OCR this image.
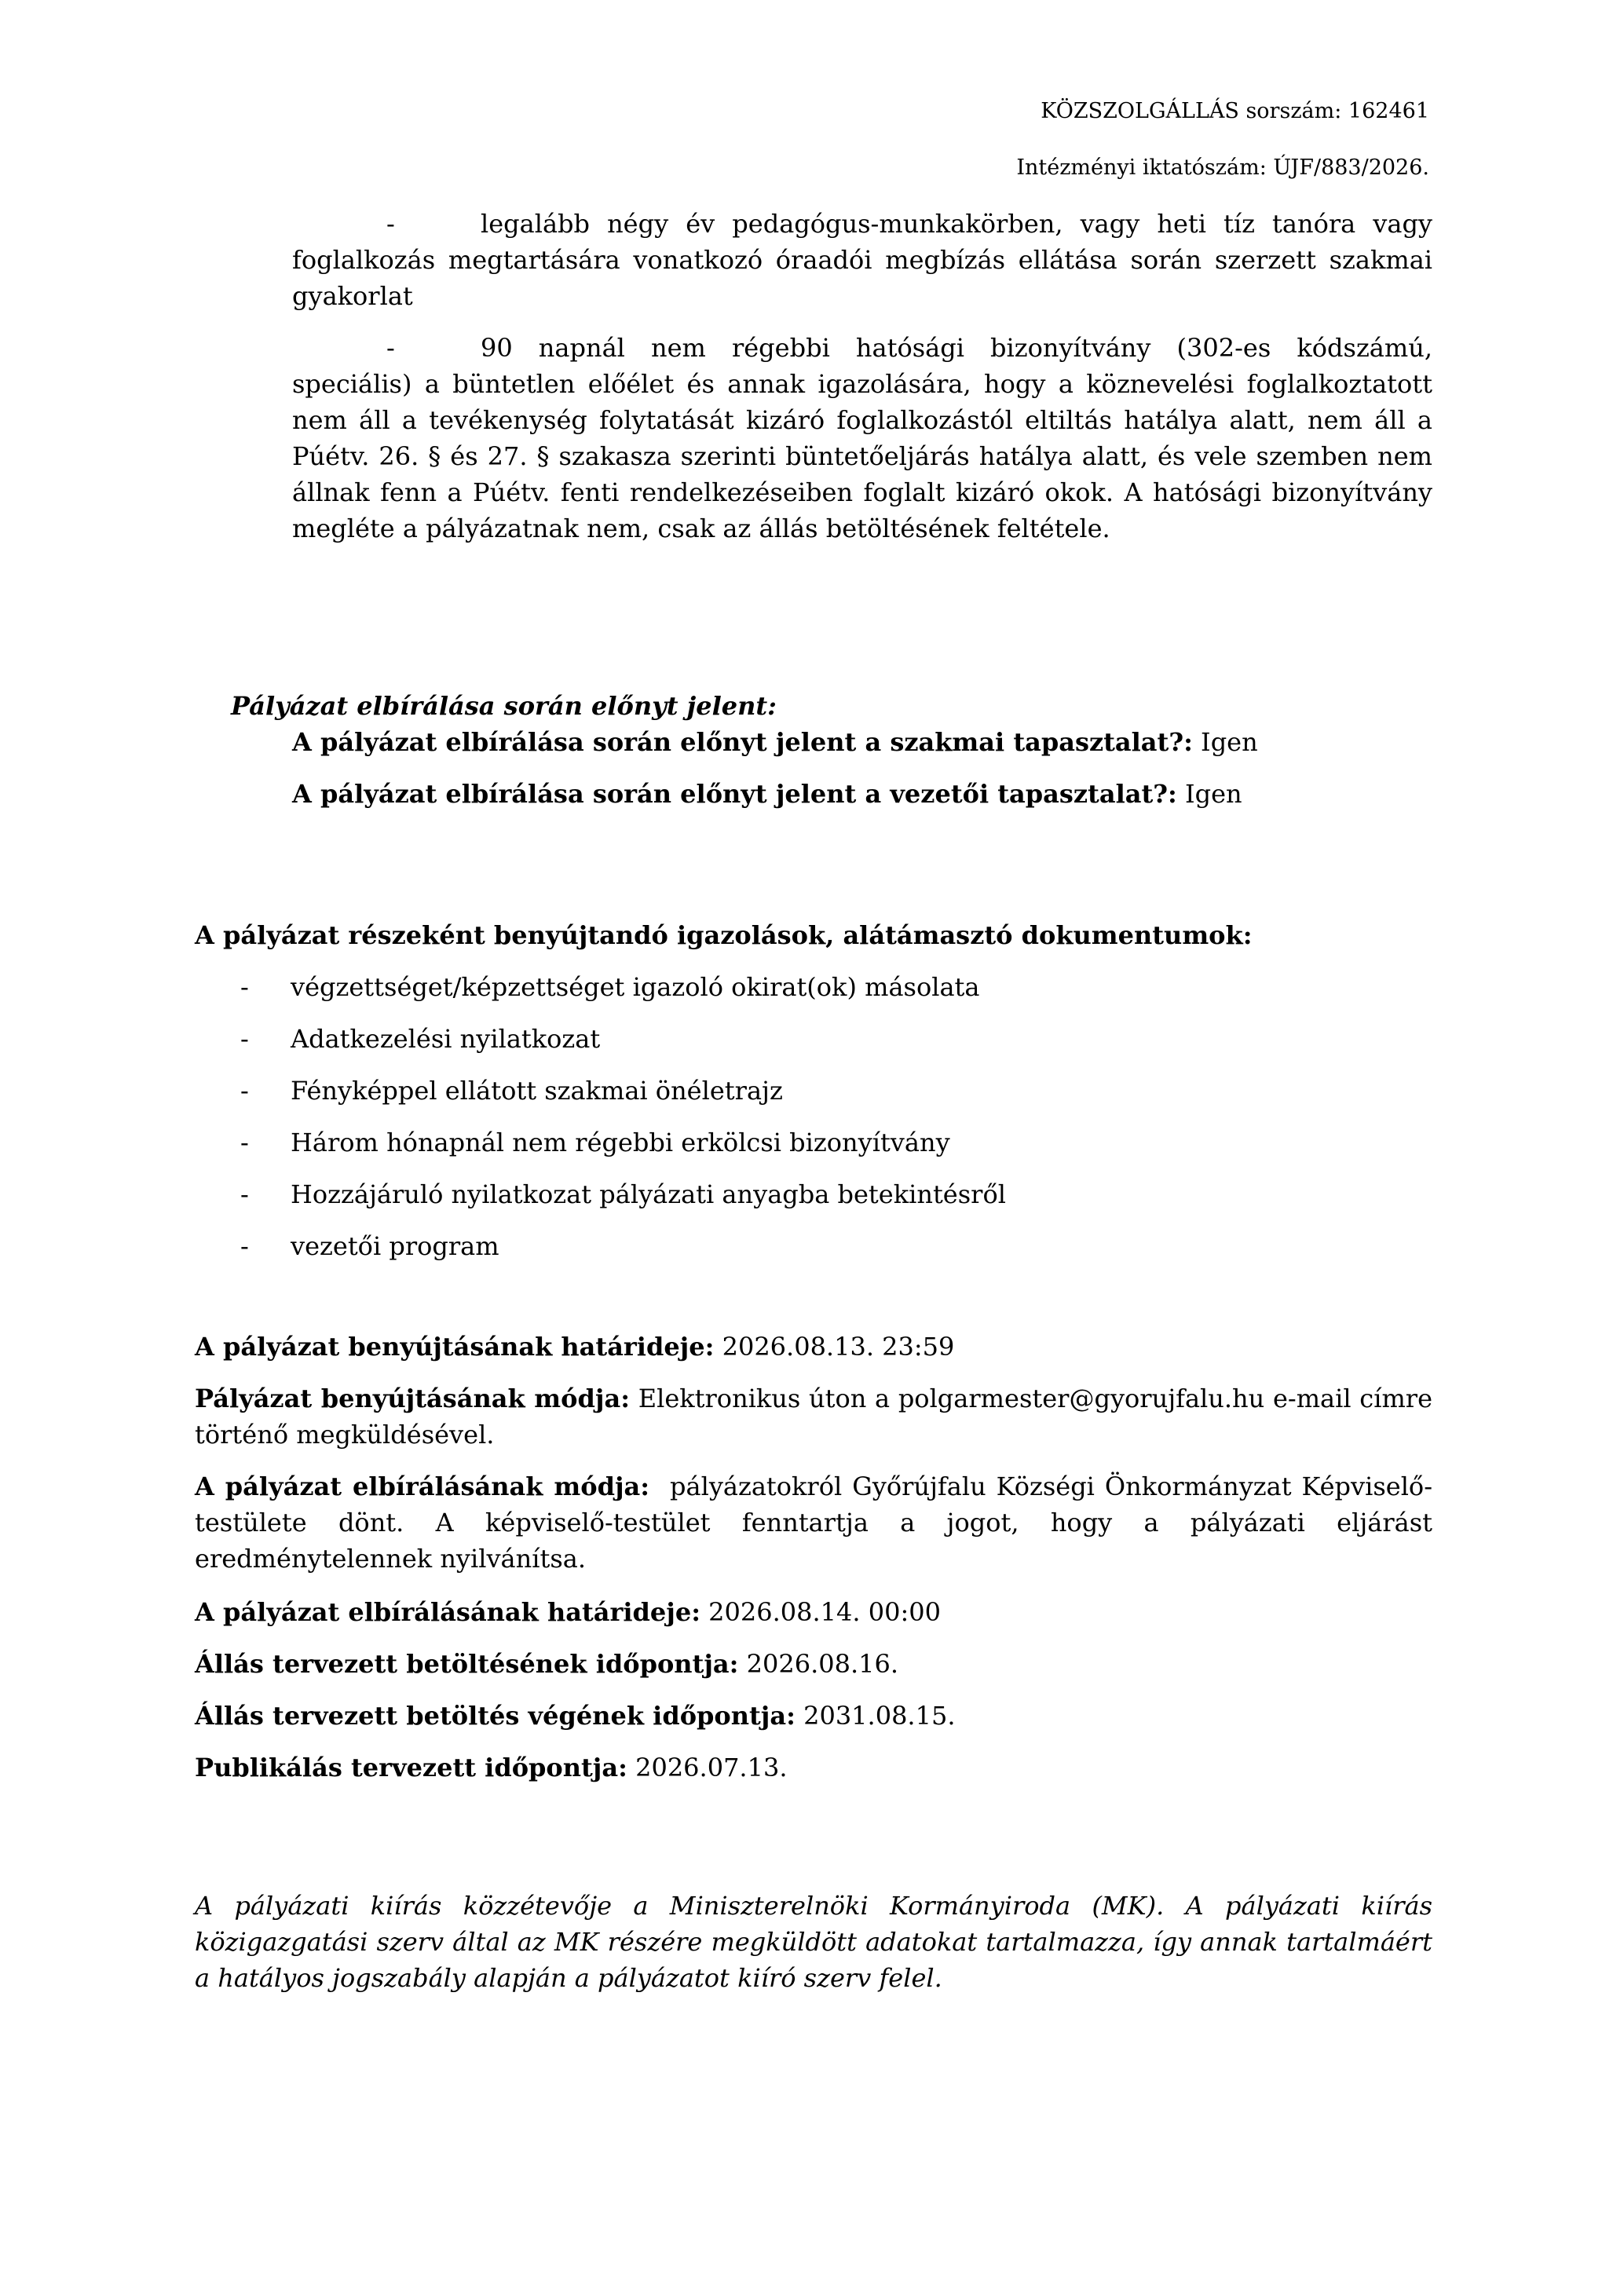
KÖZSZOLGÁLLÁS sorszám: 162461
Intézményi iktatószám: ÚJF/883/2026.
-	legalább négy év pedagógus-munkakörben, vagy heti tíz tanóra vagy foglalkozás megtartására vonatkozó óraadói megbízás ellátása során szerzett szakmai gyakorlat
-	90 napnál nem régebbi hatósági bizonyítvány (302-es kódszámú, speciális) a büntetlen előélet és annak igazolására, hogy a köznevelési foglalkoztatott nem áll a tevékenység folytatását kizáró foglalkozástól eltiltás hatálya alatt, nem áll a Púétv. 26. § és 27. § szakasza szerinti büntetőeljárás hatálya alatt, és vele szemben nem állnak fenn a Púétv. fenti rendelkezéseiben foglalt kizáró okok. A hatósági bizonyítvány megléte a pályázatnak nem, csak az állás betöltésének feltétele.
Pályázat elbírálása során előnyt jelent:
A pályázat elbírálása során előnyt jelent a szakmai tapasztalat?: Igen
A pályázat elbírálása során előnyt jelent a vezetői tapasztalat?: Igen
A pályázat részeként benyújtandó igazolások, alátámasztó dokumentumok:
-	végzettséget/képzettséget igazoló okirat(ok) másolata
-	Adatkezelési nyilatkozat
-	Fényképpel ellátott szakmai önéletrajz
-	Három hónapnál nem régebbi erkölcsi bizonyítvány
-	Hozzájáruló nyilatkozat pályázati anyagba betekintésről
-	vezetői program
A pályázat benyújtásának határideje: 2026.08.13. 23:59
Pályázat benyújtásának módja: Elektronikus úton a polgarmester@gyorujfalu.hu e-mail címre történő megküldésével.
A pályázat elbírálásának módja: pályázatokról Győrújfalu Községi Önkormányzat Képviselő-testülete dönt. A képviselő-testület fenntartja a jogot, hogy a pályázati eljárást eredménytelennek nyilvánítsa.
A pályázat elbírálásának határideje: 2026.08.14. 00:00
Állás tervezett betöltésének időpontja: 2026.08.16.
Állás tervezett betöltés végének időpontja: 2031.08.15.
Publikálás tervezett időpontja: 2026.07.13.
A pályázati kiírás közzétevője a Miniszterelnöki Kormányiroda (MK). A pályázati kiírás közigazgatási szerv által az MK részére megküldött adatokat tartalmazza, így annak tartalmáért a hatályos jogszabály alapján a pályázatot kiíró szerv felel.
